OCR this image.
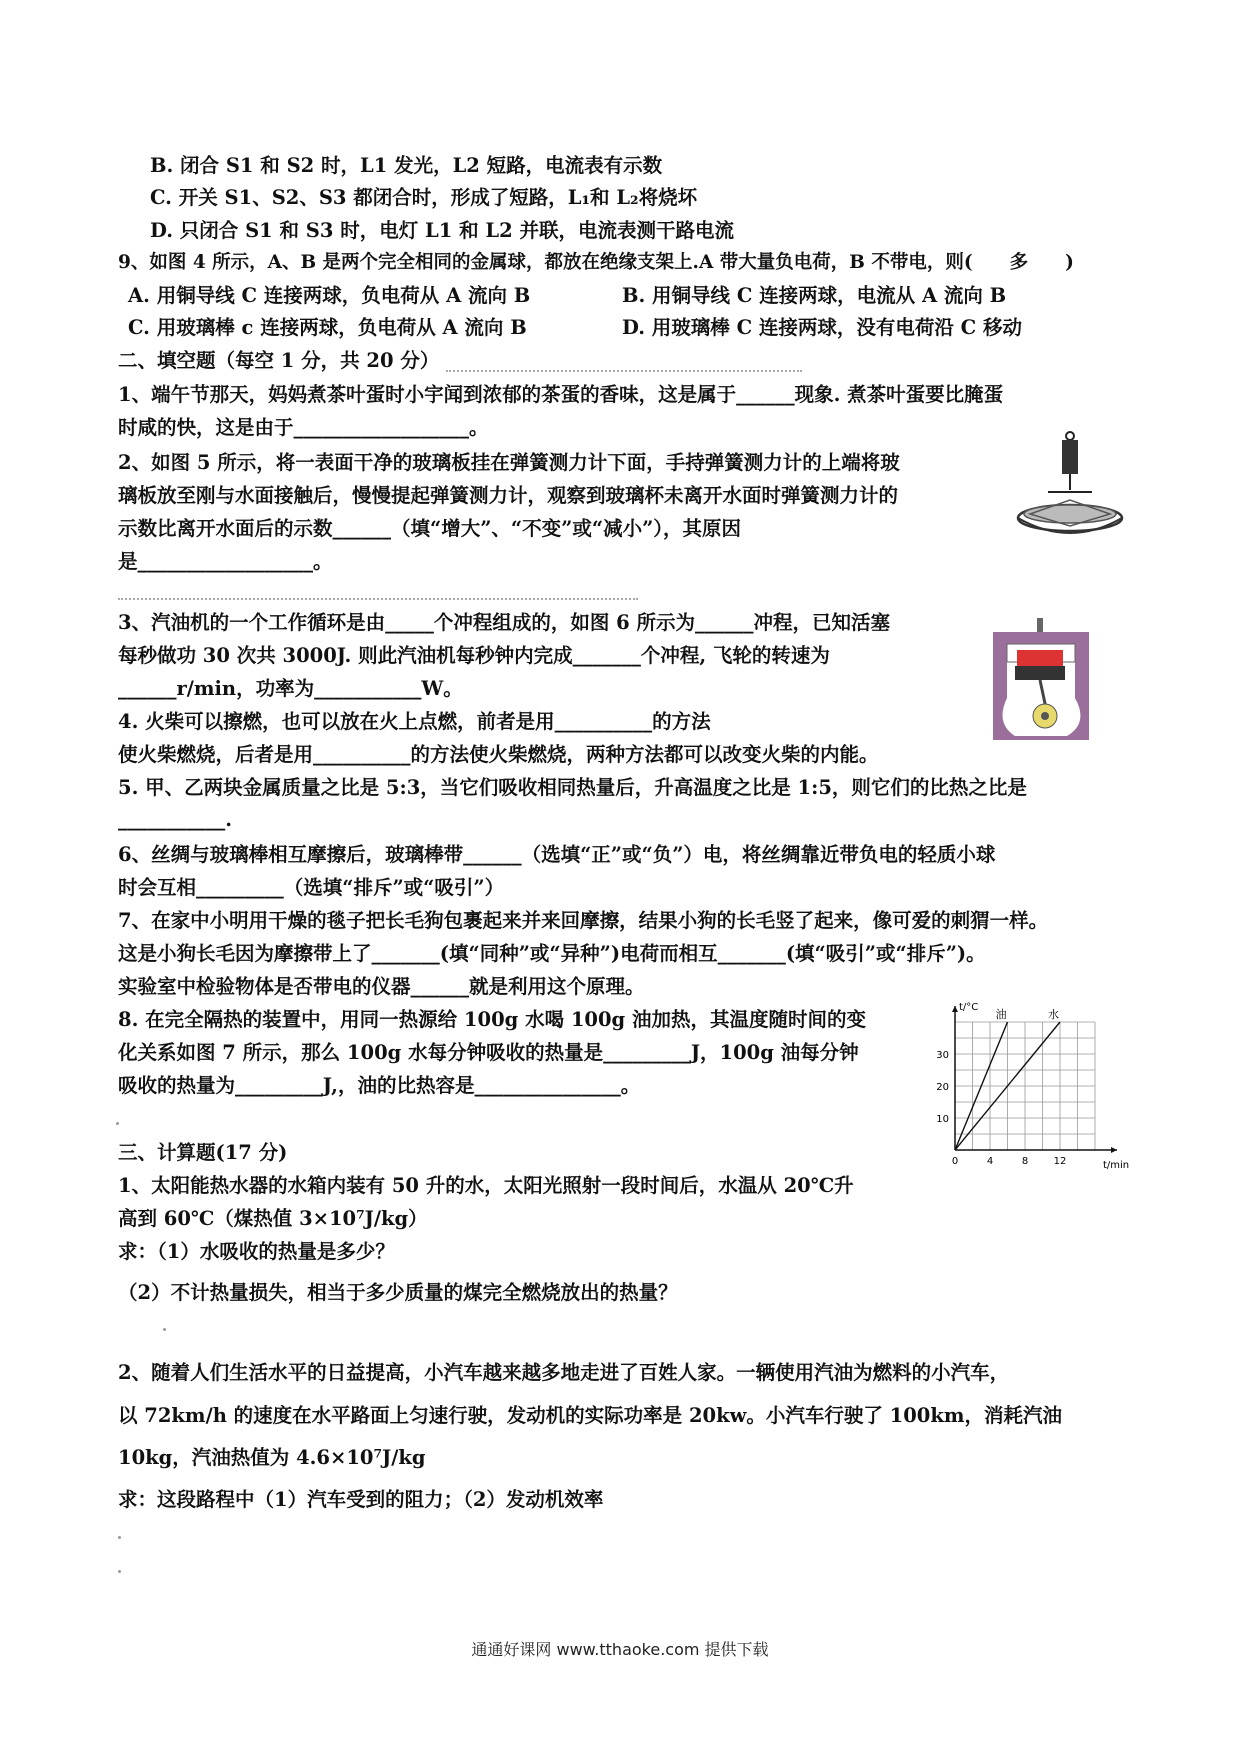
B. 闭合 S1 和 S2 时，L1 发光，L2 短路，电流表有示数
C. 开关 S1、S2、S3 都闭合时，形成了短路，L₁和 L₂将烧坏
D. 只闭合 S1 和 S3 时，电灯 L1 和 L2 并联，电流表测干路电流
9、如图 4 所示，A、B 是两个完全相同的金属球，都放在绝缘支架上.A 带大量负电荷，B 不带电，则(　　多　　)
A. 用铜导线 C 连接两球，负电荷从 A 流向 B	B. 用铜导线 C 连接两球，电流从 A 流向 B
C. 用玻璃棒 c 连接两球，负电荷从 A 流向 B	D. 用玻璃棒 C 连接两球，没有电荷沿 C 移动
二、填空题（每空 1 分，共 20 分）
1、端午节那天，妈妈煮茶叶蛋时小宇闻到浓郁的茶蛋的香味，这是属于______现象. 煮茶叶蛋要比腌蛋
时咸的快，这是由于__________________。
2、如图 5 所示，将一表面干净的玻璃板挂在弹簧测力计下面，手持弹簧测力计的上端将玻
璃板放至刚与水面接触后，慢慢提起弹簧测力计，观察到玻璃杯未离开水面时弹簧测力计的
示数比离开水面后的示数______（填“增大”、“不变”或“减小”），其原因
是__________________。
3、汽油机的一个工作循环是由_____个冲程组成的，如图 6 所示为______冲程，已知活塞
每秒做功 30 次共 3000J. 则此汽油机每秒钟内完成_______个冲程, 飞轮的转速为
______r/min，功率为___________W。
4. 火柴可以擦燃，也可以放在火上点燃，前者是用__________的方法
使火柴燃烧，后者是用__________的方法使火柴燃烧，两种方法都可以改变火柴的内能。
5. 甲、乙两块金属质量之比是 5:3，当它们吸收相同热量后，升高温度之比是 1:5，则它们的比热之比是
___________.
6、丝绸与玻璃棒相互摩擦后，玻璃棒带______（选填“正”或“负”）电，将丝绸靠近带负电的轻质小球
时会互相_________（选填“排斥”或“吸引”）
7、在家中小明用干燥的毯子把长毛狗包裹起来并来回摩擦，结果小狗的长毛竖了起来，像可爱的刺猬一样。
这是小狗长毛因为摩擦带上了_______(填“同种”或“异种”)电荷而相互_______(填“吸引”或“排斥”)。
实验室中检验物体是否带电的仪器______就是利用这个原理。
8. 在完全隔热的装置中，用同一热源给 100g 水喝 100g 油加热，其温度随时间的变
化关系如图 7 所示，那么 100g 水每分钟吸收的热量是_________J，100g 油每分钟
吸收的热量为_________J,，油的比热容是_______________。
0	4	8	12
10
20
30
t/min
t/°C
油	水
三、计算题(17 分)
1、太阳能热水器的水箱内装有 50 升的水，太阳光照射一段时间后，水温从 20℃升
高到 60℃（煤热值 3×10⁷J/kg）
求：（1）水吸收的热量是多少？
（2）不计热量损失，相当于多少质量的煤完全燃烧放出的热量？
2、随着人们生活水平的日益提高，小汽车越来越多地走进了百姓人家。一辆使用汽油为燃料的小汽车，
以 72km/h 的速度在水平路面上匀速行驶，发动机的实际功率是 20kw。小汽车行驶了 100km，消耗汽油
10kg，汽油热值为 4.6×10⁷J/kg
求：这段路程中（1）汽车受到的阻力；（2）发动机效率
通通好课网 www.tthaoke.com 提供下载
